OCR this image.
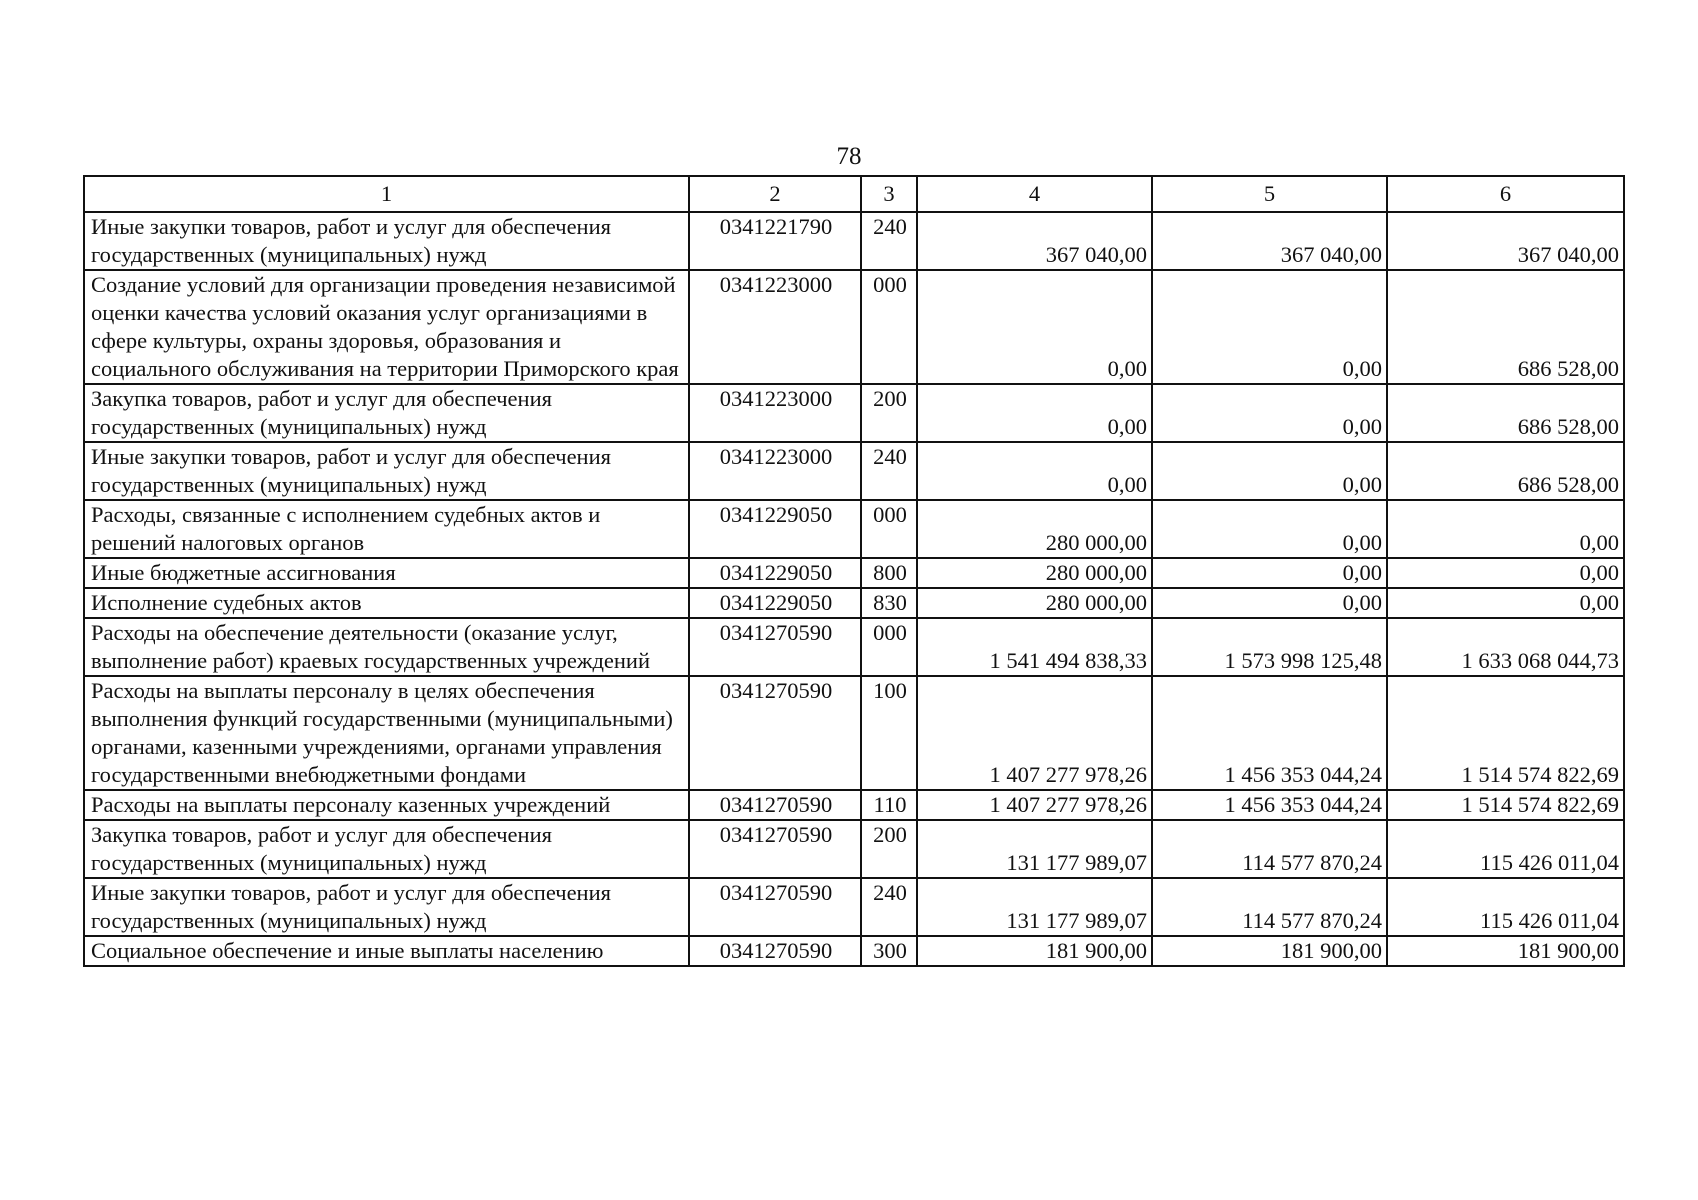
78
1	2	3	4	5	6
Иные закупки товаров, работ и услуг для обеспечения государственных (муниципальных) нужд	0341221790	240	367 040,00	367 040,00	367 040,00
Создание условий для организации проведения независимой оценки качества условий оказания услуг организациями в сфере культуры, охраны здоровья, образования и социального обслуживания на территории Приморского края	0341223000	000	0,00	0,00	686 528,00
Закупка товаров, работ и услуг для обеспечения государственных (муниципальных) нужд	0341223000	200	0,00	0,00	686 528,00
Иные закупки товаров, работ и услуг для обеспечения государственных (муниципальных) нужд	0341223000	240	0,00	0,00	686 528,00
Расходы, связанные с исполнением судебных актов и решений налоговых органов	0341229050	000	280 000,00	0,00	0,00
Иные бюджетные ассигнования	0341229050	800	280 000,00	0,00	0,00
Исполнение судебных актов	0341229050	830	280 000,00	0,00	0,00
Расходы на обеспечение деятельности (оказание услуг, выполнение работ) краевых государственных учреждений	0341270590	000	1 541 494 838,33	1 573 998 125,48	1 633 068 044,73
Расходы на выплаты персоналу в целях обеспечения выполнения функций государственными (муниципальными) органами, казенными учреждениями, органами управления государственными внебюджетными фондами	0341270590	100	1 407 277 978,26	1 456 353 044,24	1 514 574 822,69
Расходы на выплаты персоналу казенных учреждений	0341270590	110	1 407 277 978,26	1 456 353 044,24	1 514 574 822,69
Закупка товаров, работ и услуг для обеспечения государственных (муниципальных) нужд	0341270590	200	131 177 989,07	114 577 870,24	115 426 011,04
Иные закупки товаров, работ и услуг для обеспечения государственных (муниципальных) нужд	0341270590	240	131 177 989,07	114 577 870,24	115 426 011,04
Социальное обеспечение и иные выплаты населению	0341270590	300	181 900,00	181 900,00	181 900,00
